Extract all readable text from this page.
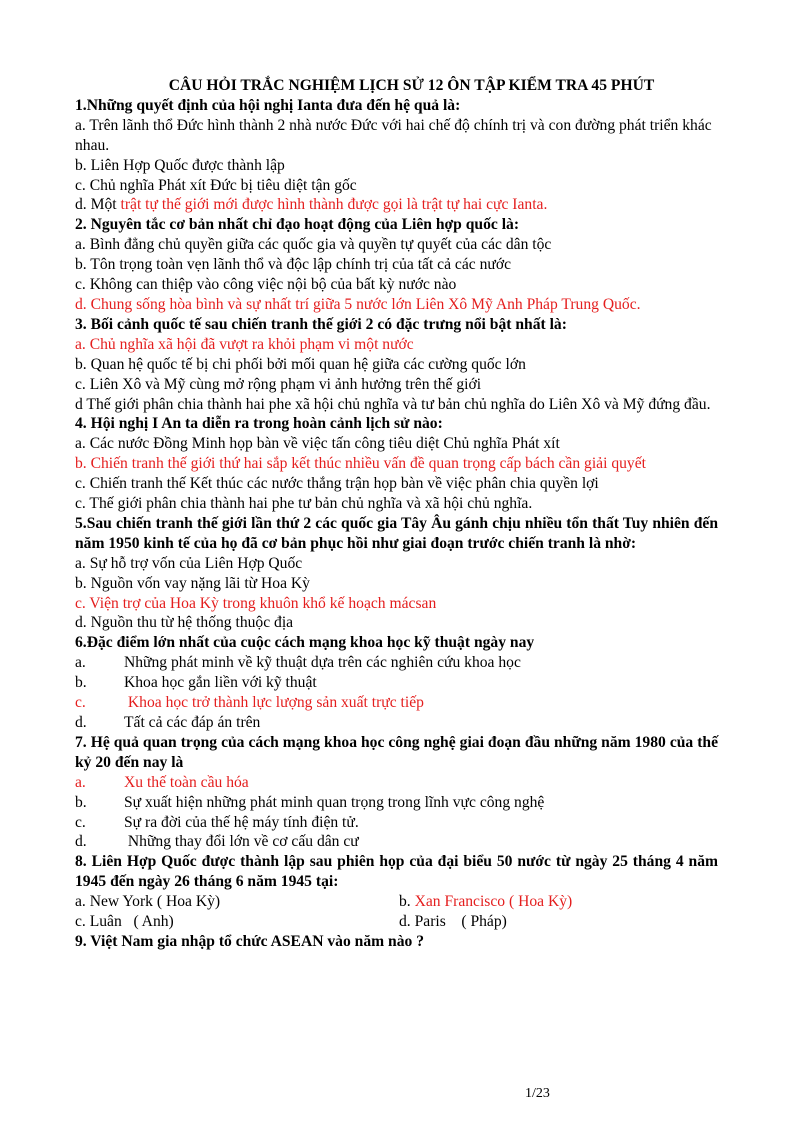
CÂU HỎI TRẮC NGHIỆM LỊCH SỬ 12 ÔN TẬP KIỂM TRA 45 PHÚT
1.Những quyết định của hội nghị Ianta đưa đến hệ quả là:
a. Trên lãnh thổ Đức hình thành 2 nhà nước Đức với hai chế độ chính trị và con đường phát triển khác nhau.
b. Liên Hợp Quốc được thành lập
c. Chủ nghĩa Phát xít Đức bị tiêu diệt tận gốc
d. Một trật tự thế giới mới được hình thành được gọi là trật tự hai cực Ianta.
2. Nguyên tắc cơ bản nhất chỉ đạo hoạt động của Liên hợp quốc là:
a. Bình đẳng chủ quyền giữa các quốc gia và quyền tự quyết của các dân tộc
b. Tôn trọng toàn vẹn lãnh thổ và độc lập chính trị của tất cả các nước
c. Không can thiệp vào công việc nội bộ của bất kỳ nước nào
d. Chung sống hòa bình và sự nhất trí giữa 5 nước lớn Liên Xô Mỹ Anh Pháp Trung Quốc.
3. Bối cảnh quốc tế sau chiến tranh thế giới 2 có đặc trưng nổi bật nhất là:
a. Chủ nghĩa xã hội đã vượt ra khỏi phạm vi một nước
b. Quan hệ quốc tế bị chi phối bởi mối quan hệ giữa các cường quốc lớn
c. Liên Xô và Mỹ cùng mở rộng phạm vi ảnh hưởng trên thế giới
d Thế giới phân chia thành hai phe xã hội chủ nghĩa và tư bản chủ nghĩa do Liên Xô và Mỹ đứng đầu.
4. Hội nghị I An ta diễn ra trong hoàn cảnh lịch sử nào:
a. Các nước Đồng Minh họp bàn về việc tấn công tiêu diệt Chủ nghĩa Phát xít
b. Chiến tranh thế giới thứ hai sắp kết thúc nhiều vấn đề quan trọng cấp bách cần giải quyết
c. Chiến tranh thế Kết thúc các nước thắng trận họp bàn về việc phân chia quyền lợi
c. Thế giới phân chia thành hai phe tư bản chủ nghĩa và xã hội chủ nghĩa.
5.Sau chiến tranh thế giới lần thứ 2 các quốc gia Tây Âu gánh chịu nhiều tổn thất Tuy nhiên đến năm 1950 kinh tế của họ đã cơ bản phục hồi như giai đoạn trước chiến tranh là nhờ:
a. Sự hỗ trợ vốn của Liên Hợp Quốc
b. Nguồn vốn vay nặng lãi từ Hoa Kỳ
c. Viện trợ của Hoa Kỳ trong khuôn khổ kế hoạch mácsan
d. Nguồn thu từ hệ thống thuộc địa
6.Đặc điểm lớn nhất của cuộc cách mạng khoa học kỹ thuật ngày nay
a.	Những phát minh về kỹ thuật dựa trên các nghiên cứu khoa học
b.	Khoa học gắn liền với kỹ thuật
c.	Khoa học trở thành lực lượng sản xuất trực tiếp
d.	Tất cả các đáp án trên
7. Hệ quả quan trọng của cách mạng khoa học công nghệ giai đoạn đầu những năm 1980 của thế kỷ 20 đến nay là
a.	Xu thế toàn cầu hóa
b.	Sự xuất hiện những phát minh quan trọng trong lĩnh vực công nghệ
c.	Sự ra đời của thế hệ máy tính điện tử.
d.	Những thay đổi lớn về cơ cấu dân cư
8. Liên Hợp Quốc được thành lập sau phiên họp của đại biểu 50 nước từ ngày 25 tháng 4 năm 1945 đến ngày 26 tháng 6 năm 1945 tại:
a. New York ( Hoa Kỳ)	b. Xan Francisco ( Hoa Kỳ)
c. Luân   ( Anh)	d. Paris    ( Pháp)
9. Việt Nam gia nhập tổ chức ASEAN vào năm nào ?
1/23
